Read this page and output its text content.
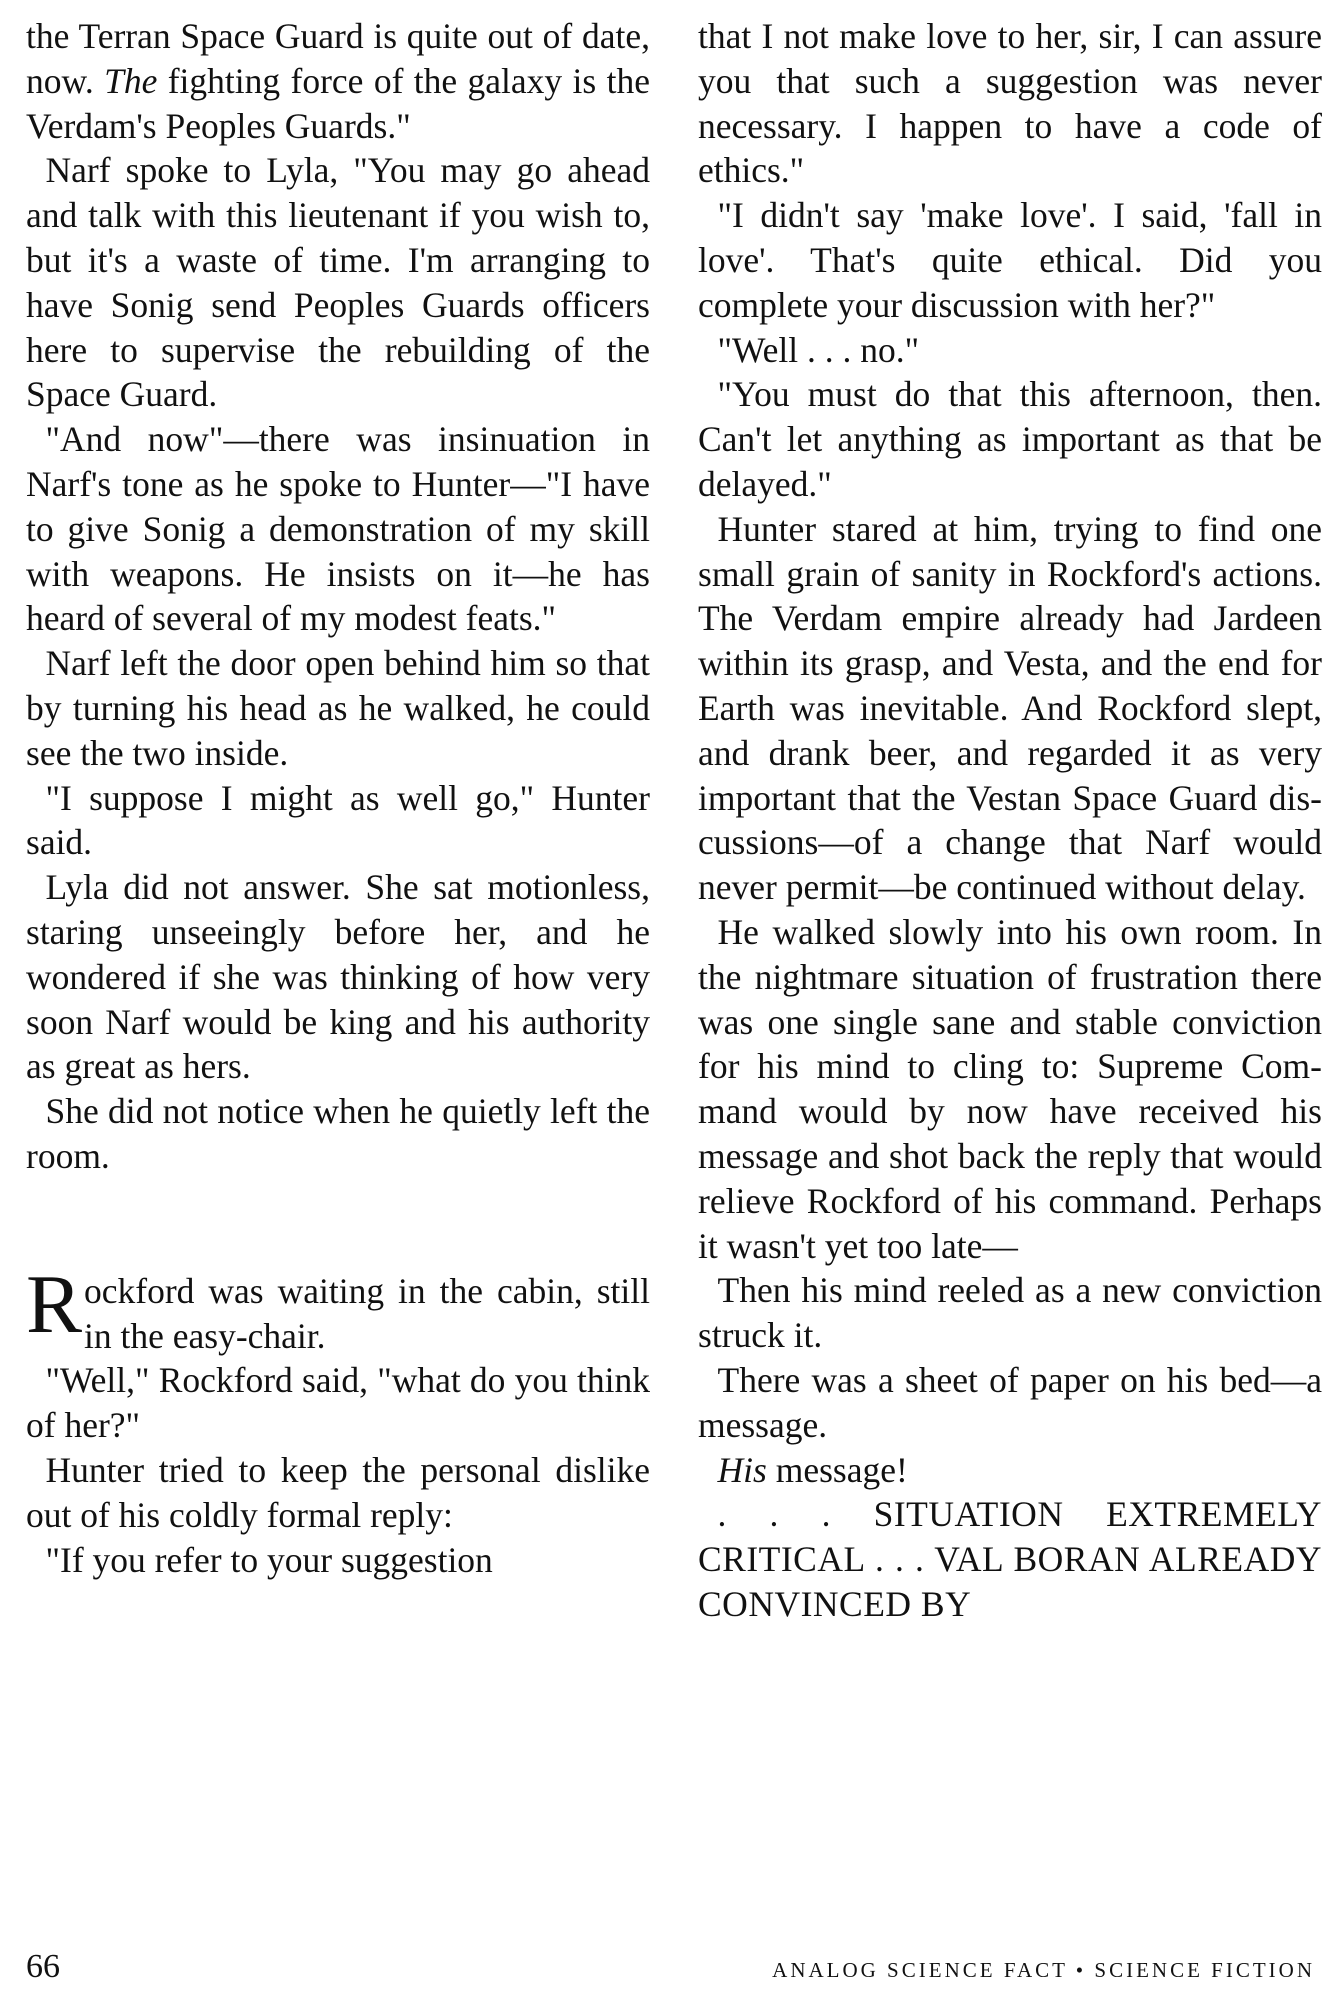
the Terran Space Guard is quite out of date, now. The fighting force of the galaxy is the Verdam's Peoples Guards."

Narf spoke to Lyla, "You may go ahead and talk with this lieutenant if you wish to, but it's a waste of time. I'm arranging to have Sonig send Peoples Guards officers here to supervise the rebuilding of the Space Guard.

"And now"—there was insinuation in Narf's tone as he spoke to Hunter—"I have to give Sonig a demonstration of my skill with weapons. He insists on it—he has heard of several of my modest feats."

Narf left the door open behind him so that by turning his head as he walked, he could see the two inside.

"I suppose I might as well go," Hunter said.

Lyla did not answer. She sat motionless, staring unseeingly before her, and he wondered if she was thinking of how very soon Narf would be king and his authority as great as hers.

She did not notice when he quietly left the room.

Rockford was waiting in the cabin, still in the easy-chair.

"Well," Rockford said, "what do you think of her?"

Hunter tried to keep the personal dislike out of his coldly formal reply:

"If you refer to your suggestion

that I not make love to her, sir, I can assure you that such a suggestion was never necessary. I happen to have a code of ethics."

"I didn't say 'make love'. I said, 'fall in love'. That's quite ethical. Did you complete your discussion with her?"

"Well . . . no."

"You must do that this afternoon, then. Can't let anything as important as that be delayed."

Hunter stared at him, trying to find one small grain of sanity in Rockford's actions. The Verdam empire already had Jardeen within its grasp, and Vesta, and the end for Earth was inevitable. And Rockford slept, and drank beer, and regarded it as very important that the Vestan Space Guard discussions—of a change that Narf would never permit—be continued without delay.

He walked slowly into his own room. In the nightmare situation of frustration there was one single sane and stable conviction for his mind to cling to: Supreme Command would by now have received his message and shot back the reply that would relieve Rockford of his command. Perhaps it wasn't yet too late—

Then his mind reeled as a new conviction struck it.

There was a sheet of paper on his bed—a message.

His message!

. . . SITUATION EXTREMELY CRITICAL . . . VAL BORAN ALREADY CONVINCED BY

66	ANALOG SCIENCE FACT • SCIENCE FICTION
